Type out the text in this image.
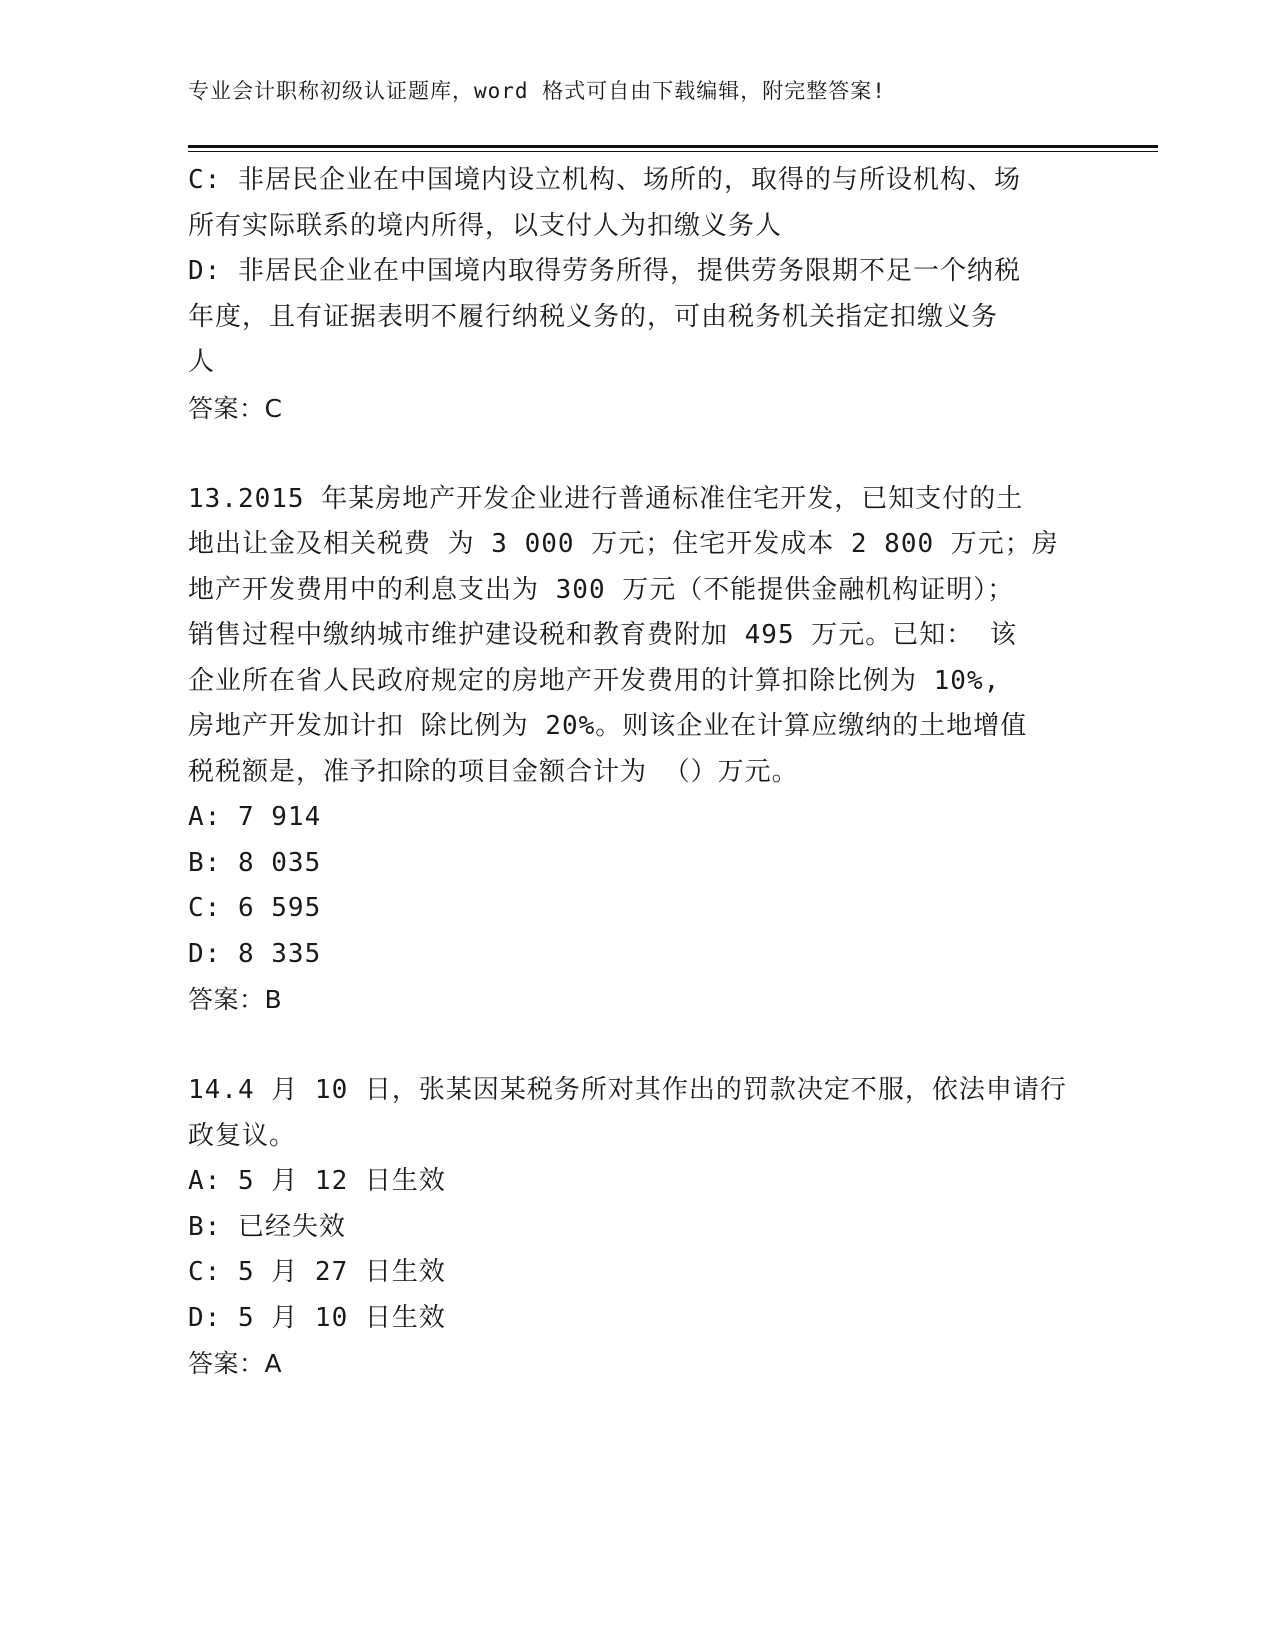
专业会计职称初级认证题库，word 格式可自由下载编辑，附完整答案!
C: 非居民企业在中国境内设立机构、场所的，取得的与所设机构、场
所有实际联系的境内所得，以支付人为扣缴义务人
D: 非居民企业在中国境内取得劳务所得，提供劳务限期不足一个纳税
年度，且有证据表明不履行纳税义务的，可由税务机关指定扣缴义务
人
答案：C
13.2015 年某房地产开发企业进行普通标准住宅开发，已知支付的土
地出让金及相关税费 为 3 000 万元；住宅开发成本 2 800 万元；房
地产开发费用中的利息支出为 300 万元（不能提供金融机构证明）；
销售过程中缴纳城市维护建设税和教育费附加 495 万元。已知： 该
企业所在省人民政府规定的房地产开发费用的计算扣除比例为 10%,
房地产开发加计扣 除比例为 20%。则该企业在计算应缴纳的土地增值
税税额是，准予扣除的项目金额合计为 （）万元。
A: 7 914
B: 8 035
C: 6 595
D: 8 335
答案：B
14.4 月 10 日，张某因某税务所对其作出的罚款决定不服，依法申请行
政复议。
A: 5 月 12 日生效
B: 已经失效
C: 5 月 27 日生效
D: 5 月 10 日生效
答案：A
